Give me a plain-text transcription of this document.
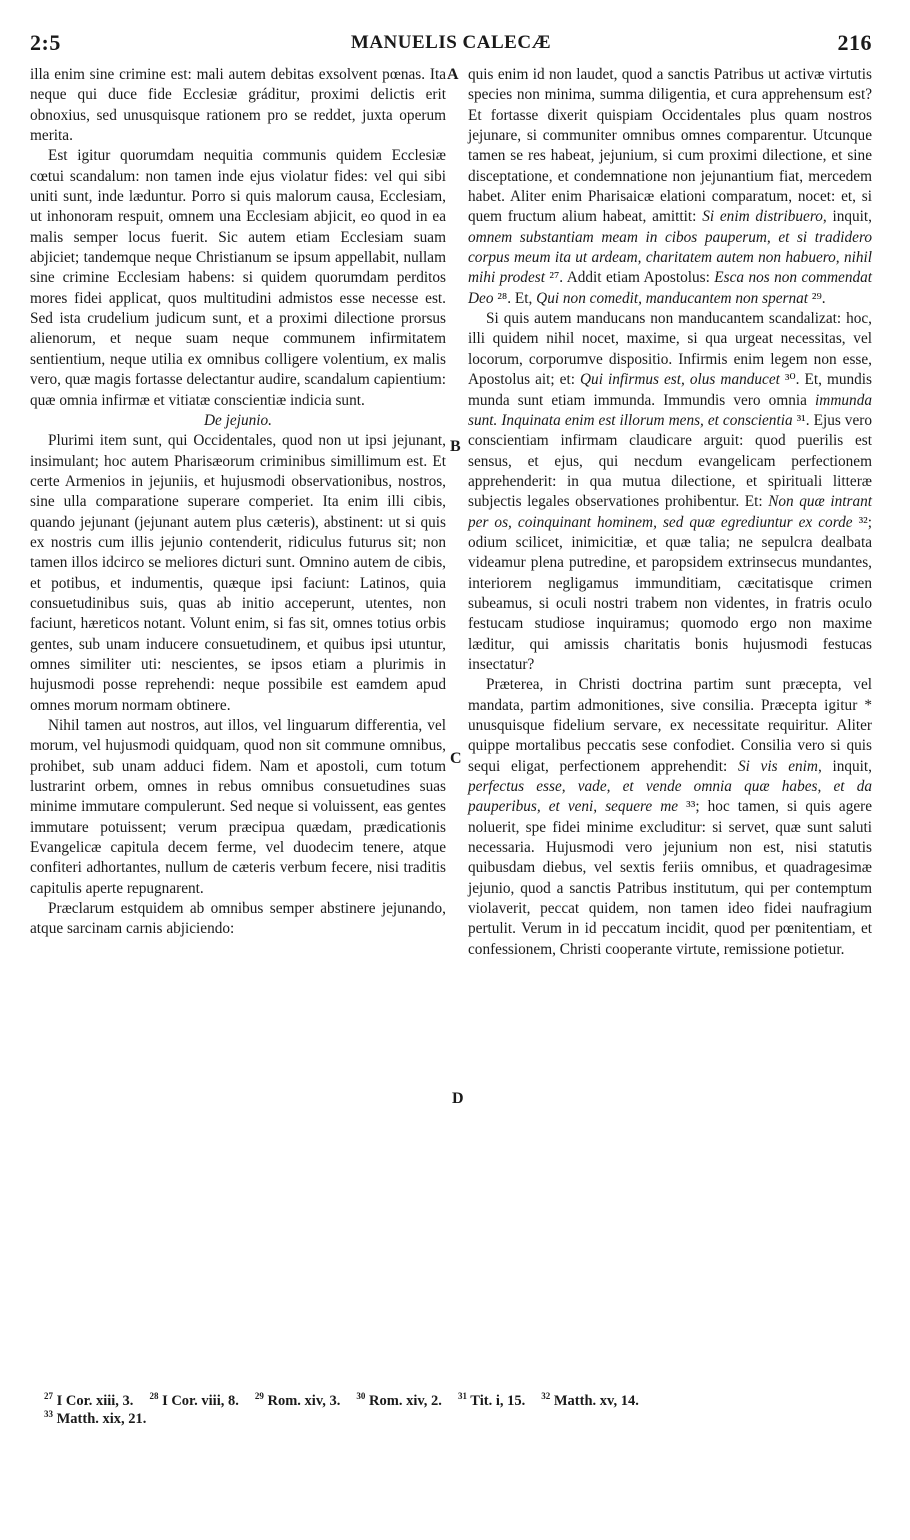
2:5	MANUELIS CALECÆ	216

illa enim sine crimine est: mali autem debitas exsolvent pœnas. Ita neque qui duce fide Ecclesiæ gráditur, proximi delictis erit obnoxius, sed unusquisque rationem pro se reddet, juxta operum merita.

Est igitur quorumdam nequitia communis quidem Ecclesiæ cœtui scandalum: non tamen inde ejus violatur fides: vel qui sibi uniti sunt, inde læduntur. Porro si quis malorum causa, Ecclesiam, ut inhonoram respuit, omnem una Ecclesiam abjicit, eo quod in ea malis semper locus fuerit. Sic autem etiam Ecclesiam suam abjiciet; tandemque neque Christianum se ipsum appellabit, nullam sine crimine Ecclesiam habens: si quidem quorumdam perditos mores fidei applicat, quos multitudini admistos esse necesse est. Sed ista crudelium judicum sunt, et a proximi dilectione prorsus alienorum, et neque suam neque communem infirmitatem sentientium, neque utilia ex omnibus colligere volentium, ex malis vero, quæ magis fortasse delectantur audire, scandalum capientium: quæ omnia infirmæ et vitiatæ conscientiæ indicia sunt.

De jejunio.

Plurimi item sunt, qui Occidentales, quod non ut ipsi jejunant, insimulant; hoc autem Pharisæorum criminibus simillimum est. Et certe Armenios in jejuniis, et hujusmodi observationibus, nostros, sine ulla comparatione superare comperiet. Ita enim illi cibis, quando jejunant (jejunant autem plus cæteris), abstinent: ut si quis ex nostris cum illis jejunio contenderit, ridiculus futurus sit; non tamen illos idcirco se meliores dicturi sunt. Omnino autem de cibis, et potibus, et indumentis, quæque ipsi faciunt: Latinos, quia consuetudinibus suis, quas ab initio acceperunt, utentes, non faciunt, hæreticos notant. Volunt enim, si fas sit, omnes totius orbis gentes, sub unam inducere consuetudinem, et quibus ipsi utuntur, omnes similiter uti: nescientes, se ipsos etiam a plurimis in hujusmodi posse reprehendi: neque possibile est eamdem apud omnes morum normam obtinere.

Nihil tamen aut nostros, aut illos, vel linguarum differentia, vel morum, vel hujusmodi quidquam, quod non sit commune omnibus, prohibet, sub unam adduci fidem. Nam et apostoli, cum totum lustrarint orbem, omnes in rebus omnibus consuetudines suas minime immutare compulerunt. Sed neque si voluissent, eas gentes immutare potuissent; verum præcipua quædam, prædicationis Evangelicæ capitula decem ferme, vel duodecim tenere, atque confiteri adhortantes, nullum de cæteris verbum fecere, nisi traditis capitulis aperte repugnarent.

Præclarum estquidem ab omnibus semper abstinere jejunando, atque sarcinam carnis abjiciendo:

A
B
C
D

quis enim id non laudet, quod a sanctis Patribus ut activæ virtutis species non minima, summa diligentia, et cura apprehensum est? Et fortasse dixerit quispiam Occidentales plus quam nostros jejunare, si communiter omnibus omnes comparentur. Utcunque tamen se res habeat, jejunium, si cum proximi dilectione, et sine disceptatione, et condemnatione non jejunantium fiat, mercedem habet. Aliter enim Pharisaicæ elationi comparatum, nocet: et, si quem fructum alium habeat, amittit: Si enim distribuero, inquit, omnem substantiam meam in cibos pauperum, et si tradidero corpus meum ita ut ardeam, charitatem autem non habuero, nihil mihi prodest ²⁷. Addit etiam Apostolus: Esca nos non commendat Deo ²⁸. Et, Qui non comedit, manducantem non spernat ²⁹.

Si quis autem manducans non manducantem scandalizat: hoc, illi quidem nihil nocet, maxime, si qua urgeat necessitas, vel locorum, corporumve dispositio. Infirmis enim legem non esse, Apostolus ait; et: Qui infirmus est, olus manducet ³⁰. Et, mundis munda sunt etiam immunda. Immundis vero omnia immunda sunt. Inquinata enim est illorum mens, et conscientia ³¹. Ejus vero conscientiam infirmam claudicare arguit: quod puerilis est sensus, et ejus, qui necdum evangelicam perfectionem apprehenderit: in qua mutua dilectione, et spirituali litteræ subjectis legales observationes prohibentur. Et: Non quæ intrant per os, coinquinant hominem, sed quæ egrediuntur ex corde ³²; odium scilicet, inimicitiæ, et quæ talia; ne sepulcra dealbata videamur plena putredine, et paropsidem extrinsecus mundantes, interiorem negligamus immunditiam, cæcitatisque crimen subeamus, si oculi nostri trabem non videntes, in fratris oculo festucam studiose inquiramus; quomodo ergo non maxime læditur, qui amissis charitatis bonis hujusmodi festucas insectatur?

Præterea, in Christi doctrina partim sunt præcepta, vel mandata, partim admonitiones, sive consilia. Præcepta igitur * unusquisque fidelium servare, ex necessitate requiritur. Aliter quippe mortalibus peccatis sese confodiet. Consilia vero si quis sequi eligat, perfectionem apprehendit: Si vis enim, inquit, perfectus esse, vade, et vende omnia quæ habes, et da pauperibus, et veni, sequere me ³³; hoc tamen, si quis agere noluerit, spe fidei minime excluditur: si servet, quæ sunt saluti necessaria. Hujusmodi vero jejunium non est, nisi statutis quibusdam diebus, vel sextis feriis omnibus, et quadragesimæ jejunio, quod a sanctis Patribus institutum, qui per contemptum violaverit, peccat quidem, non tamen ideo fidei naufragium pertulit. Verum in id peccatum incidit, quod per pœnitentiam, et confessionem, Christi cooperante virtute, remissione potietur.

$^{27}$ I Cor. xiii, 3. $^{28}$ I Cor. viii, 8. $^{29}$ Rom. xiv, 3. $^{30}$ Rom. xiv, 2. $^{31}$ Tit. i, 15. $^{32}$ Matth. xv, 14.
$^{33}$ Matth. xix, 21.
